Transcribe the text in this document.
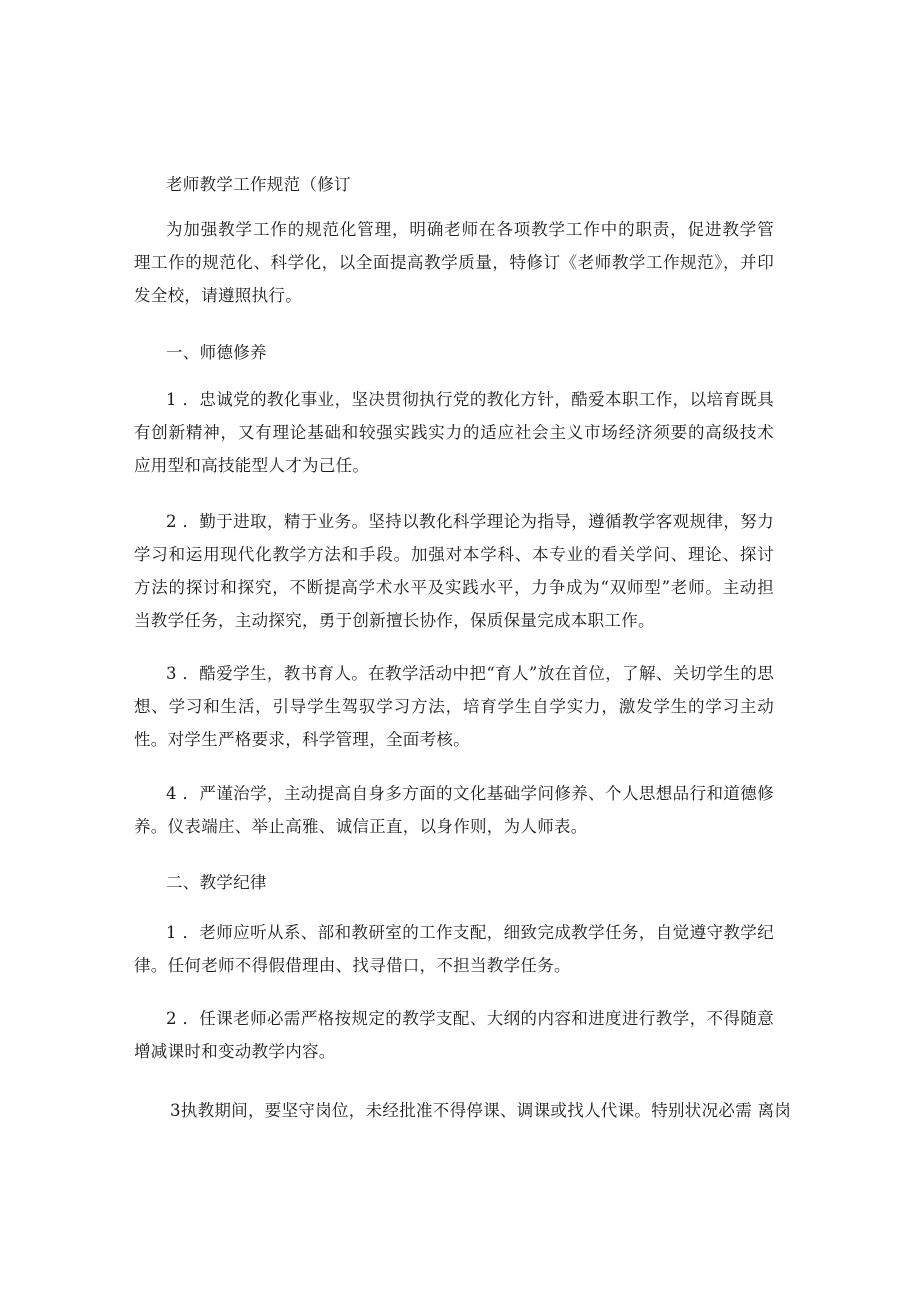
老师教学工作规范（修订

为加强教学工作的规范化管理，明确老师在各项教学工作中的职责，促进教学管 理工作的规范化、科学化，以全面提高教学质量，特修订《老师教学工作规范》，并印 发全校，请遵照执行。

一、师德修养

1 ．忠诚党的教化事业，坚决贯彻执行党的教化方针，酷爱本职工作，以培育既具有创新精神，又有理论基础和较强实践实力的适应社会主义市场经济须要的高级技术 应用型和高技能型人才为己任。

2 ．勤于进取，精于业务。坚持以教化科学理论为指导，遵循教学客观规律，努力学习和运用现代化教学方法和手段。加强对本学科、本专业的看关学问、理论、探讨 方法的探讨和探究，不断提高学术水平及实践水平，力争成为“双师型”老师。主动担 当教学任务，主动探究，勇于创新擅长协作，保质保量完成本职工作。

3 ．酷爱学生，教书育人。在教学活动中把“育人”放在首位，了解、关切学生的思想、学习和生活，引导学生驾驭学习方法，培育学生自学实力，激发学生的学习主动 性。对学生严格要求，科学管理，全面考核。

4 ．严谨治学，主动提高自身多方面的文化基础学问修养、个人思想品行和道德修养。仪表端庄、举止高雅、诚信正直，以身作则，为人师表。

二、教学纪律

1 ．老师应听从系、部和教研室的工作支配，细致完成教学任务，自觉遵守教学纪律。任何老师不得假借理由、找寻借口，不担当教学任务。

2 ．任课老师必需严格按规定的教学支配、大纲的内容和进度进行教学，不得随意增减课时和变动教学内容。

3执教期间，要坚守岗位，未经批准不得停课、调课或找人代课。特别状况必需 离岗
